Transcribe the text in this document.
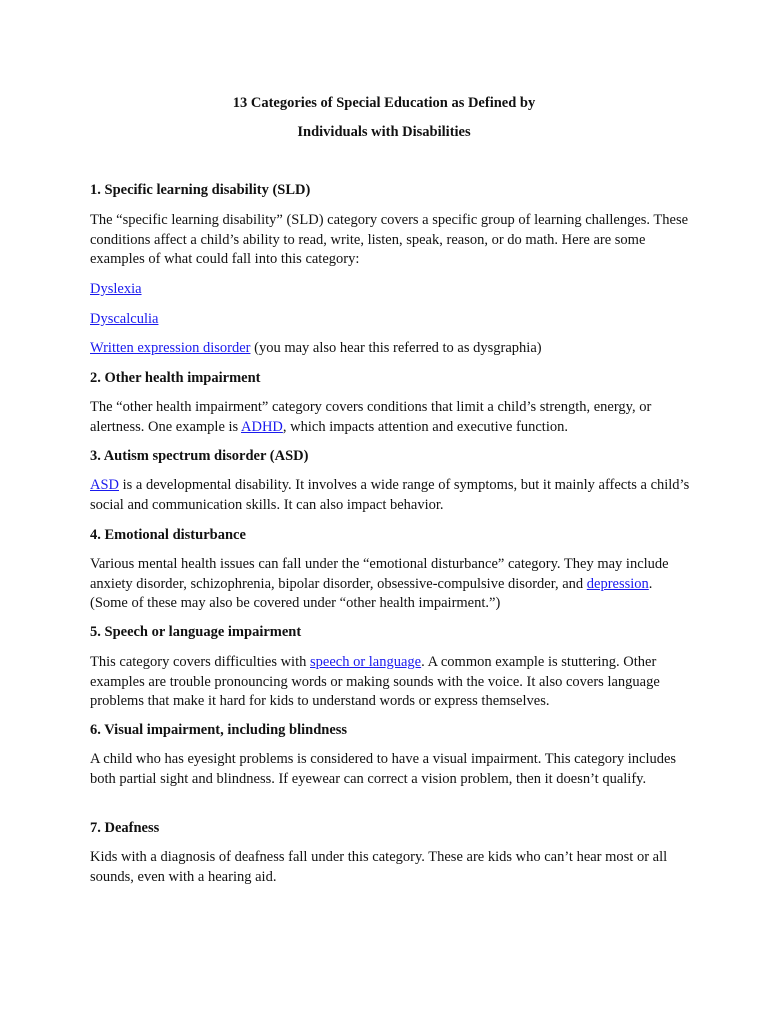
13 Categories of Special Education as Defined by

Individuals with Disabilities

1. Specific learning disability (SLD)

The “specific learning disability” (SLD) category covers a specific group of learning challenges. These conditions affect a child’s ability to read, write, listen, speak, reason, or do math. Here are some examples of what could fall into this category:

Dyslexia

Dyscalculia

Written expression disorder (you may also hear this referred to as dysgraphia)

2. Other health impairment

The “other health impairment” category covers conditions that limit a child’s strength, energy, or alertness. One example is ADHD, which impacts attention and executive function.

3. Autism spectrum disorder (ASD)

ASD is a developmental disability. It involves a wide range of symptoms, but it mainly affects a child’s social and communication skills. It can also impact behavior.

4. Emotional disturbance

Various mental health issues can fall under the “emotional disturbance” category. They may include anxiety disorder, schizophrenia, bipolar disorder, obsessive-compulsive disorder, and depression. (Some of these may also be covered under “other health impairment.”)

5. Speech or language impairment

This category covers difficulties with speech or language. A common example is stuttering. Other examples are trouble pronouncing words or making sounds with the voice. It also covers language problems that make it hard for kids to understand words or express themselves.

6. Visual impairment, including blindness

A child who has eyesight problems is considered to have a visual impairment. This category includes both partial sight and blindness. If eyewear can correct a vision problem, then it doesn’t qualify.

7. Deafness

Kids with a diagnosis of deafness fall under this category. These are kids who can’t hear most or all sounds, even with a hearing aid.
